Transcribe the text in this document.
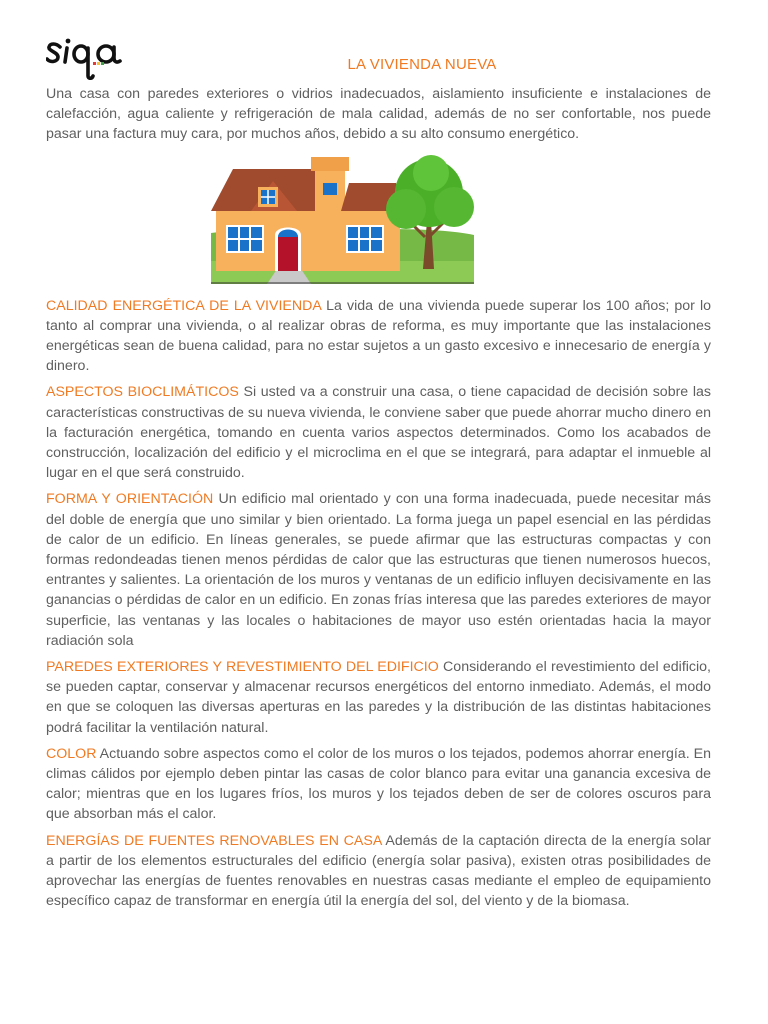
LA VIVIENDA NUEVA

Una casa con paredes exteriores o vidrios inadecuados, aislamiento insuficiente e instalaciones de calefacción, agua caliente y refrigeración de mala calidad, además de no ser confortable, nos puede pasar una factura muy cara, por muchos años, debido a su alto consumo energético.

CALIDAD ENERGÉTICA DE LA VIVIENDA La vida de una vivienda puede superar los 100 años; por lo tanto al comprar una vivienda, o al realizar obras de reforma, es muy importante que las instalaciones energéticas sean de buena calidad, para no estar sujetos a un gasto excesivo e innecesario de energía y dinero.

ASPECTOS BIOCLIMÁTICOS Si usted va a construir una casa, o tiene capacidad de decisión sobre las características constructivas de su nueva vivienda, le conviene saber que puede ahorrar mucho dinero en la facturación energética, tomando en cuenta varios aspectos determinados. Como los acabados de construcción, localización del edificio y el microclima en el que se integrará, para adaptar el inmueble al lugar en el que será construido.

FORMA Y ORIENTACIÓN Un edificio mal orientado y con una forma inadecuada, puede necesitar más del doble de energía que uno similar y bien orientado. La forma juega un papel esencial en las pérdidas de calor de un edificio. En líneas generales, se puede afirmar que las estructuras compactas y con formas redondeadas tienen menos pérdidas de calor que las estructuras que tienen numerosos huecos, entrantes y salientes. La orientación de los muros y ventanas de un edificio influyen decisivamente en las ganancias o pérdidas de calor en un edificio. En zonas frías interesa que las paredes exteriores de mayor superficie, las ventanas y las locales o habitaciones de mayor uso estén orientadas hacia la mayor radiación sola

PAREDES EXTERIORES Y REVESTIMIENTO DEL EDIFICIO Considerando el revestimiento del edificio, se pueden captar, conservar y almacenar recursos energéticos del entorno inmediato. Además, el modo en que se coloquen las diversas aperturas en las paredes y la distribución de las distintas habitaciones podrá facilitar la ventilación natural.

COLOR Actuando sobre aspectos como el color de los muros o los tejados, podemos ahorrar energía. En climas cálidos por ejemplo deben pintar las casas de color blanco para evitar una ganancia excesiva de calor; mientras que en los lugares fríos, los muros y los tejados deben de ser de colores oscuros para que absorban más el calor.

ENERGÍAS DE FUENTES RENOVABLES EN CASA Además de la captación directa de la energía solar a partir de los elementos estructurales del edificio (energía solar pasiva), existen otras posibilidades de aprovechar las energías de fuentes renovables en nuestras casas mediante el empleo de equipamiento específico capaz de transformar en energía útil la energía del sol, del viento y de la biomasa.
